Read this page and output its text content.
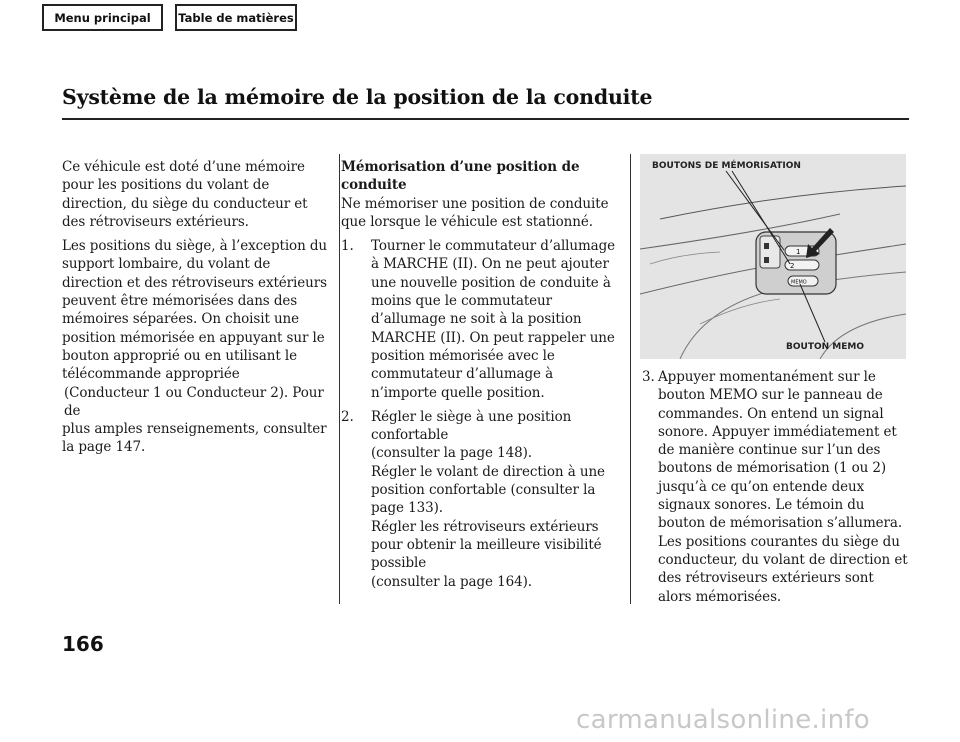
Menu principal	Table de matières
Système de la mémoire de la position de la conduite

Ce véhicule est doté d’une mémoire pour les positions du volant de direction, du siège du conducteur et des rétroviseurs extérieurs.

Les positions du siège, à l’exception du support lombaire, du volant de direction et des rétroviseurs extérieurs peuvent être mémorisées dans des mémoires séparées. On choisit une position mémorisée en appuyant sur le bouton approprié ou en utilisant le télécommande appropriée
(Conducteur 1 ou Conducteur 2). Pour de
plus amples renseignements, consulter la page 147.

Mémorisation d’une position de conduite

Ne mémoriser une position de conduite que lorsque le véhicule est stationné.

1. Tourner le commutateur d’allumage à MARCHE (II). On ne peut ajouter une nouvelle position de conduite à moins que le commutateur d’allumage ne soit à la position MARCHE (II). On peut rappeler une position mémorisée avec le commutateur d’allumage à n’importe quelle position.
2. Régler le siège à une position confortable
(consulter la page 148).
Régler le volant de direction à une position confortable (consulter la page 133).
Régler les rétroviseurs extérieurs pour obtenir la meilleure visibilité possible
(consulter la page 164).
1
2
MEMO
BOUTONS DE MÉMORISATION
BOUTON MEMO
3. Appuyer momentanément sur le bouton MEMO sur le panneau de commandes. On entend un signal sonore. Appuyer immédiatement et de manière continue sur l’un des boutons de mémorisation (1 ou 2) jusqu’à ce qu’on entende deux signaux sonores. Le témoin du bouton de mémorisation s’allumera. Les positions courantes du siège du conducteur, du volant de direction et des rétroviseurs extérieurs sont alors mémorisées.
166
carmanualsonline.info
